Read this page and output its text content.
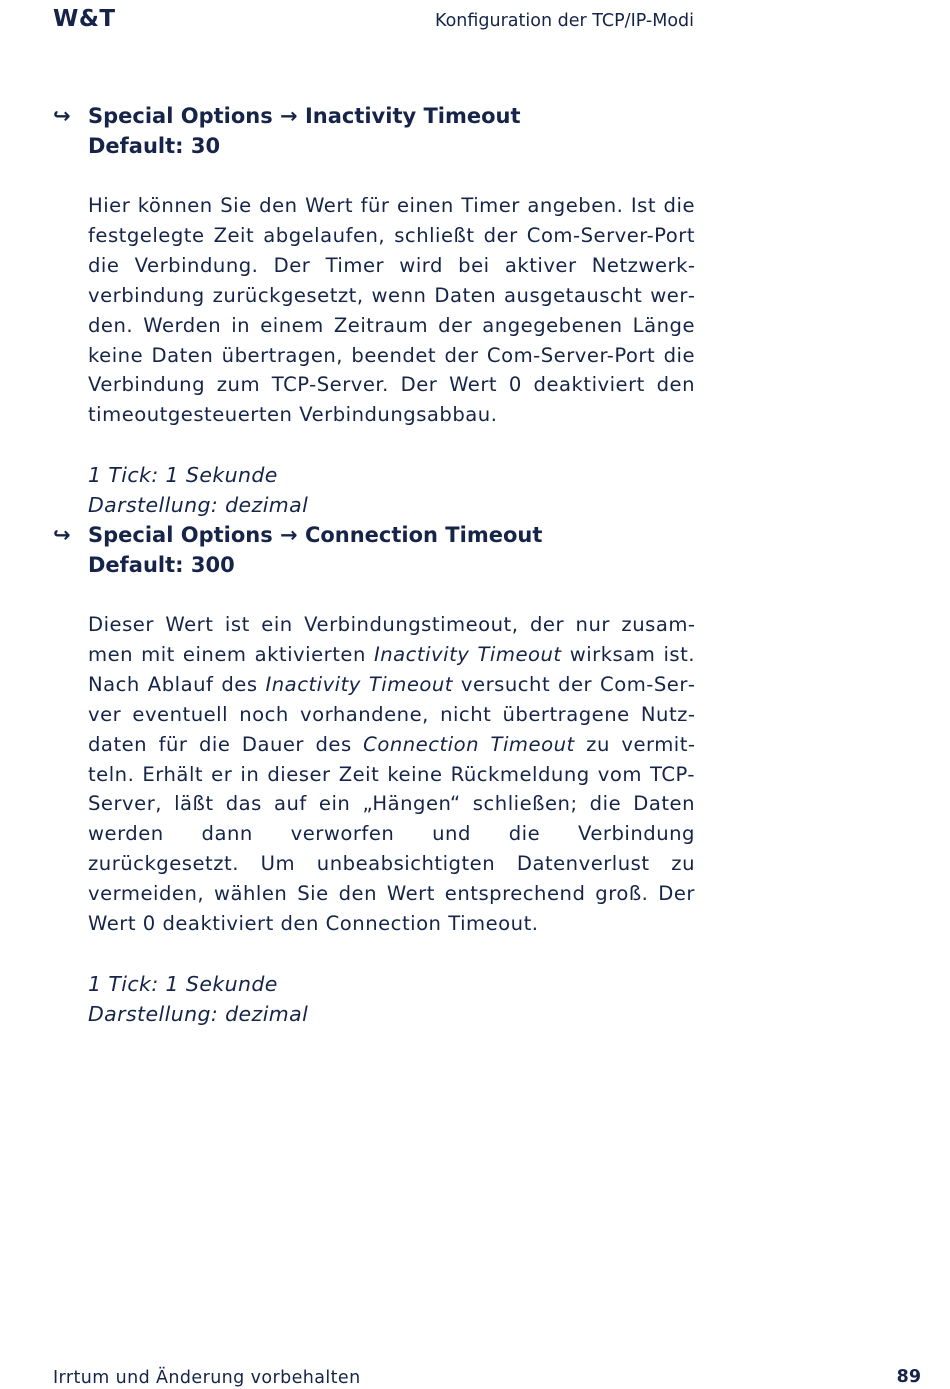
W&T	Konfiguration der TCP/IP-Modi
↪ Special Options → Inactivity Timeout
Default: 30
Hier können Sie den Wert für einen Timer angeben. Ist die festgelegte Zeit abgelaufen, schließt der Com-Server-Port die Verbindung. Der Timer wird bei aktiver Netzwerkverbindung zurückgesetzt, wenn Daten ausgetauscht werden. Werden in einem Zeitraum der angegebenen Länge keine Daten übertragen, beendet der Com-Server-Port die Verbindung zum TCP-Server. Der Wert 0 deaktiviert den timeoutgesteuerten Verbindungsabbau.
1 Tick: 1 Sekunde
Darstellung: dezimal
↪ Special Options → Connection Timeout
Default: 300
Dieser Wert ist ein Verbindungstimeout, der nur zusammen mit einem aktivierten Inactivity Timeout wirksam ist. Nach Ablauf des Inactivity Timeout versucht der Com-Server eventuell noch vorhandene, nicht übertragene Nutzdaten für die Dauer des Connection Timeout zu vermitteln. Erhält er in dieser Zeit keine Rückmeldung vom TCP-Server, läßt das auf ein „Hängen“ schließen; die Daten werden dann verworfen und die Verbindung zurückgesetzt. Um unbeabsichtigten Datenverlust zu vermeiden, wählen Sie den Wert entsprechend groß. Der Wert 0 deaktiviert den Connection Timeout.
1 Tick: 1 Sekunde
Darstellung: dezimal
Irrtum und Änderung vorbehalten	89
